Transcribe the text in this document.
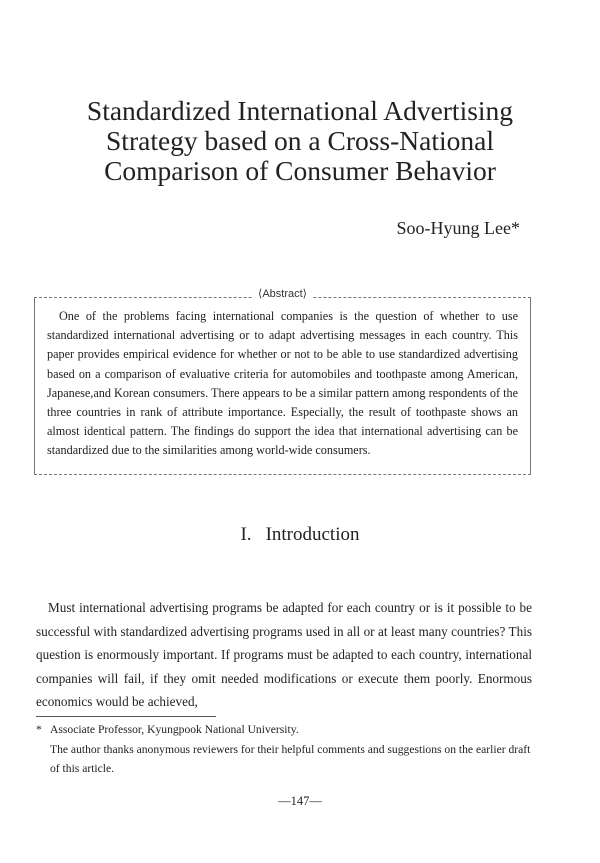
Standardized International Advertising
Strategy based on a Cross-National
Comparison of Consumer Behavior
Soo-Hyung Lee*
⟨Abstract⟩
One of the problems facing international companies is the question of whether to use standardized international advertising or to adapt advertising messages in each country. This paper provides empirical evidence for whether or not to be able to use standardized advertising based on a comparison of evaluative criteria for automobiles and toothpaste among American, Japanese,and Korean consumers. There appears to be a similar pattern among respondents of the three countries in rank of attribute importance. Especially, the result of toothpaste shows an almost identical pattern. The findings do support the idea that international advertising can be standardized due to the similarities among world-wide consumers.
I. Introduction
Must international advertising programs be adapted for each country or is it possible to be successful with standardized advertising programs used in all or at least many countries? This question is enormously important. If programs must be adapted to each country, international companies will fail, if they omit needed modifications or execute them poorly. Enormous economics would be achieved,
* Associate Professor, Kyungpook National University.
The author thanks anonymous reviewers for their helpful comments and suggestions on the earlier draft of this article.
—147—
